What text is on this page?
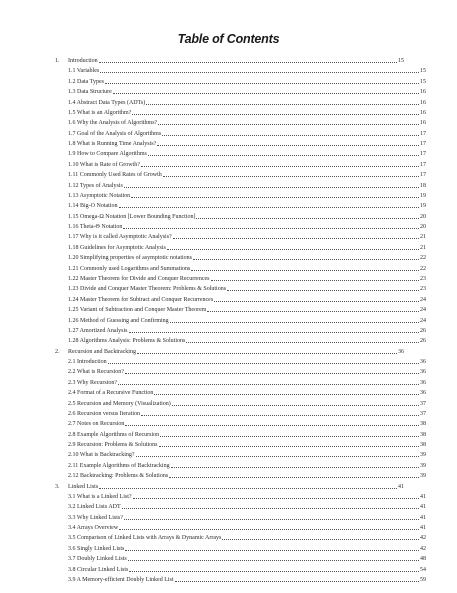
Table of Contents
1.	Introduction	15
1.1 Variables	15
1.2 Data Types	15
1.3 Data Structure	16
1.4 Abstract Data Types (ADTs)	16
1.5 What is an Algorithm?	16
1.6 Why the Analysis of Algorithms?	16
1.7 Goal of the Analysis of Algorithms	17
1.8 What is Running Time Analysis?	17
1.9 How to Compare Algorithms	17
1.10 What is Rate of Growth?	17
1.11 Commonly Used Rates of Growth	17
1.12 Types of Analysis	18
1.13 Asymptotic Notation	19
1.14 Big-O Notation	19
1.15 Omega-Ω Notation [Lower Bounding Function]	20
1.16 Theta-Θ Notation	20
1.17 Why is it called Asymptotic Analysis?	21
1.18 Guidelines for Asymptotic Analysis	21
1.20 Simplifying properties of asymptotic notations	22
1.21 Commonly used Logarithms and Summations	22
1.22 Master Theorem for Divide and Conquer Recurrences	23
1.23 Divide and Conquer Master Theorem: Problems & Solutions	23
1.24 Master Theorem for Subtract and Conquer Recurrences	24
1.25 Variant of Subtraction and Conquer Master Theorem	24
1.26 Method of Guessing and Confirming	24
1.27 Amortized Analysis	26
1.28 Algorithms Analysis: Problems & Solutions	26
2.	Recursion and Backtracking	36
2.1 Introduction	36
2.2 What is Recursion?	36
2.3 Why Recursion?	36
2.4 Format of a Recursive Function	36
2.5 Recursion and Memory (Visualization)	37
2.6 Recursion versus Iteration	37
2.7 Notes on Recursion	38
2.8 Example Algorithms of Recursion	38
2.9 Recursion: Problems & Solutions	38
2.10 What is Backtracking?	39
2.11 Example Algorithms of Backtracking	39
2.12 Backtracking: Problems & Solutions	39
3.	Linked Lists	41
3.1 What is a Linked List?	41
3.2 Linked Lists ADT	41
3.3 Why Linked Lists?	41
3.4 Arrays Overview	41
3.5 Comparison of Linked Lists with Arrays & Dynamic Arrays	42
3.6 Singly Linked Lists	42
3.7 Doubly Linked Lists	48
3.8 Circular Linked Lists	54
3.9 A Memory-efficient Doubly Linked List	59
